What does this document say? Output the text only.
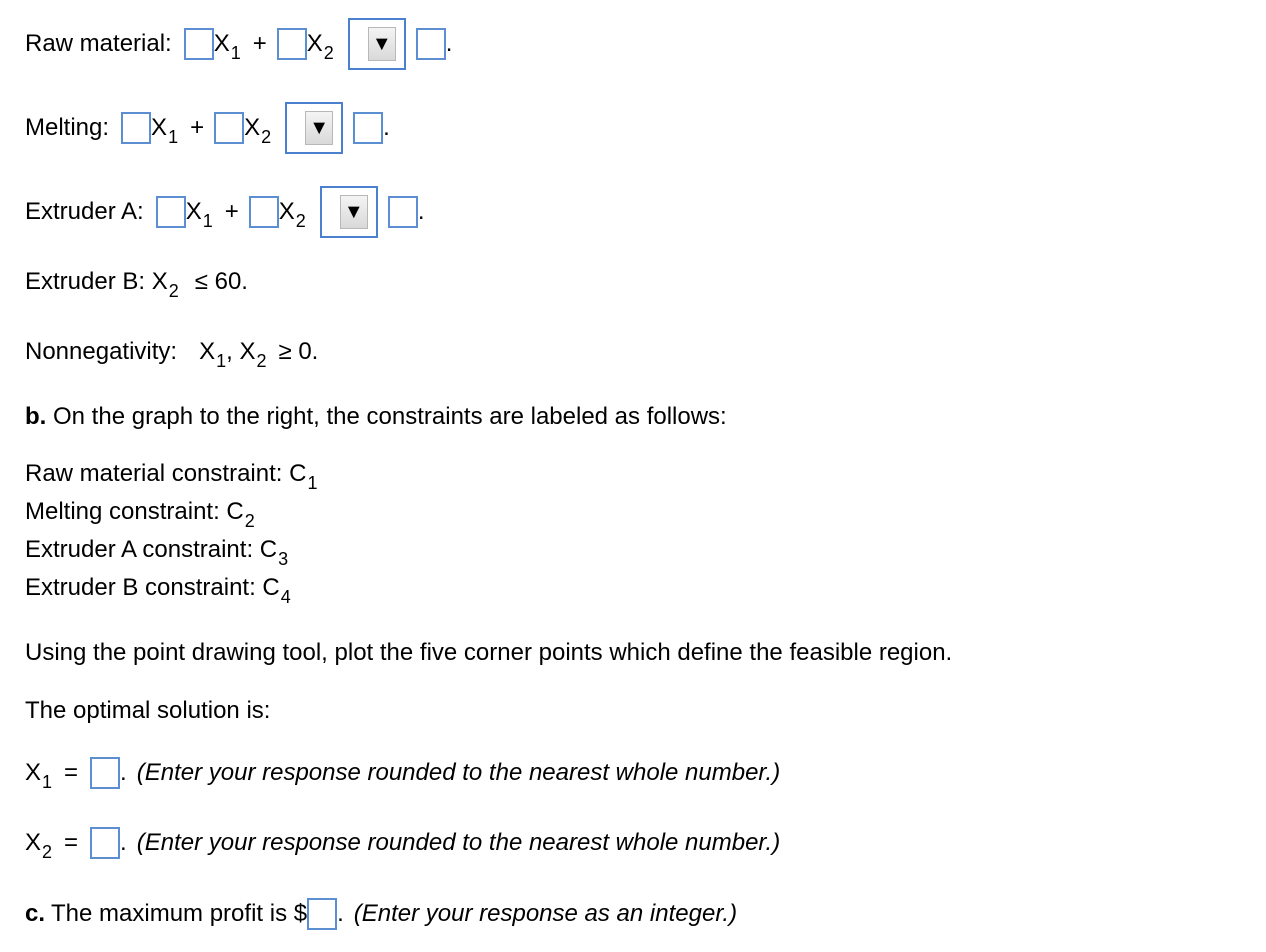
Raw material: $X_1 + X_2$ ▼ .
Melting: $X_1 + X_2$ ▼ .
Extruder A: $X_1 + X_2$ ▼ .
Extruder B: $X_2 \le 60$.
Nonnegativity: $X_1$, $X_2 \ge 0$.
b. On the graph to the right, the constraints are labeled as follows:
Raw material constraint: $C_1$
Melting constraint: $C_2$
Extruder A constraint: $C_3$
Extruder B constraint: $C_4$
Using the point drawing tool, plot the five corner points which define the feasible region.
The optimal solution is:
$X_1$ = . (Enter your response rounded to the nearest whole number.)
$X_2$ = . (Enter your response rounded to the nearest whole number.)
c. The maximum profit is $ . (Enter your response as an integer.)
